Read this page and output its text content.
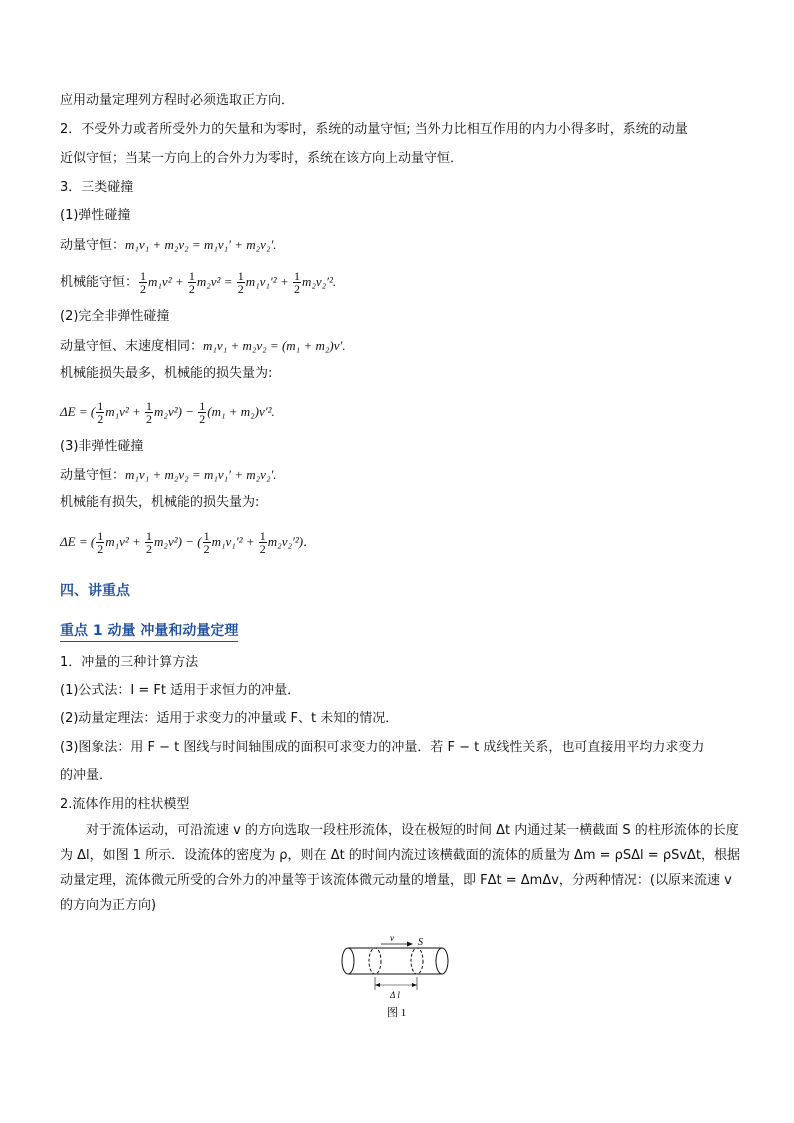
应用动量定理列方程时必须选取正方向．
2．不受外力或者所受外力的矢量和为零时，系统的动量守恒; 当外力比相互作用的内力小得多时，系统的动量
近似守恒；当某一方向上的合外力为零时，系统在该方向上动量守恒．
3．三类碰撞
(1)弹性碰撞
动量守恒：m₁v₁ + m₂v₂ = m₁v₁′ + m₂v₂′.
机械能守恒： $\frac{1}{2} m_1v^2 + \frac{1}{2} m_2v^2 = \frac{1}{2} m_1v_1'^2 + \frac{1}{2} m_2v_2'^2$.
(2)完全非弹性碰撞
动量守恒、末速度相同：m₁v₁ + m₂v₂ = (m₁ + m₂)v′.
机械能损失最多，机械能的损失量为:
ΔE = ( $\frac{1}{2} m_1v^2 + \frac{1}{2} m_2v^2) - \frac{1}{2} (m_1 + m_2)v'^2$.
(3)非弹性碰撞
动量守恒：m₁v₁ + m₂v₂ = m₁v₁′ + m₂v₂′.
机械能有损失，机械能的损失量为:
ΔE = ( $\frac{1}{2} m_1v^2 + \frac{1}{2} m_2v^2$) − ( $\frac{1}{2} m_1v_1'^2 + \frac{1}{2} m_2v_2'^2$)．
四、讲重点
重点 1 动量 冲量和动量定理
1．冲量的三种计算方法
(1)公式法：I = Ft 适用于求恒力的冲量．
(2)动量定理法：适用于求变力的冲量或 F、t 未知的情况．
(3)图象法：用 F − t 图线与时间轴围成的面积可求变力的冲量．若 F − t 成线性关系，也可直接用平均力求变力
的冲量．
2.流体作用的柱状模型
对于流体运动，可沿流速 v 的方向选取一段柱形流体，设在极短的时间 Δt 内通过某一横截面 S 的柱形流体的长度为 Δl，如图 1 所示．设流体的密度为 ρ，则在 Δt 的时间内流过该横截面的流体的质量为 Δm = ρSΔl = ρSvΔt，根据动量定理，流体微元所受的合外力的冲量等于该流体微元动量的增量，即 FΔt = ΔmΔv，分两种情况：(以原来流速 v 的方向为正方向)
v S
Δ l
图 1
